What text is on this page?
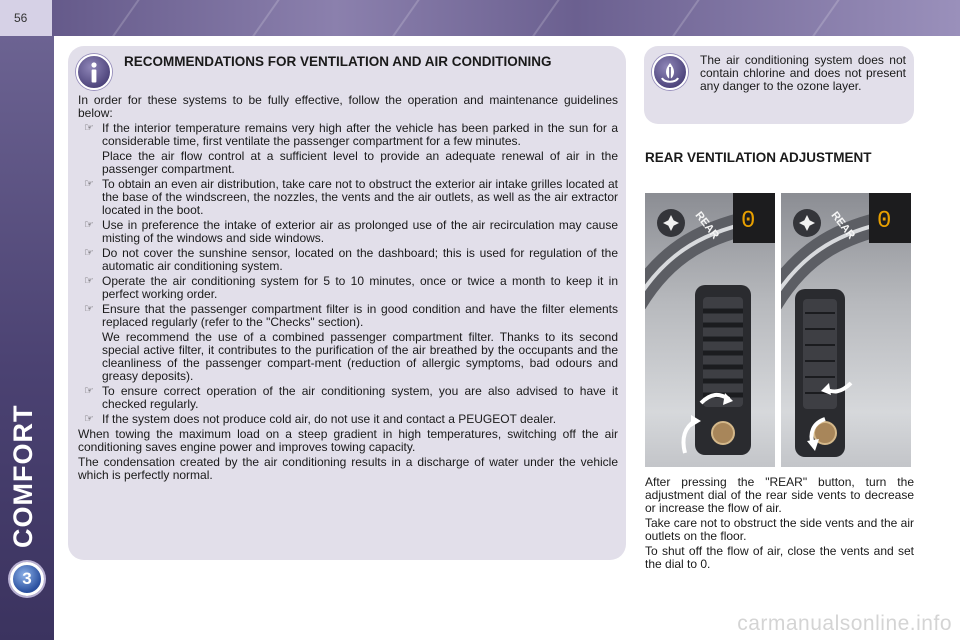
56
3
RECOMMENDATIONS FOR VENTILATION AND AIR CONDITIONING

In order for these systems to be fully effective, follow the operation and maintenance guidelines below:

☞ If the interior temperature remains very high after the vehicle has been parked in the sun for a considerable time, first ventilate the passenger compartment for a few minutes.
Place the air flow control at a sufficient level to provide an adequate renewal of air in the passenger compartment.
☞ To obtain an even air distribution, take care not to obstruct the exterior air intake grilles located at the base of the windscreen, the nozzles, the vents and the air outlets, as well as the air extractor located in the boot.
☞ Use in preference the intake of exterior air as prolonged use of the air recirculation may cause misting of the windows and side windows.
☞ Do not cover the sunshine sensor, located on the dashboard; this is used for regulation of the automatic air conditioning system.
☞ Operate the air conditioning system for 5 to 10 minutes, once or twice a month to keep it in perfect working order.
☞ Ensure that the passenger compartment filter is in good condition and have the filter elements replaced regularly (refer to the "Checks" section).
We recommend the use of a combined passenger compartment filter. Thanks to its second special active filter, it contributes to the purification of the air breathed by the occupants and the cleanliness of the passenger compart-ment (reduction of allergic symptoms, bad odours and greasy deposits).
☞ To ensure correct operation of the air conditioning system, you are also advised to have it checked regularly.
☞ If the system does not produce cold air, do not use it and contact a PEUGEOT dealer.

When towing the maximum load on a steep gradient in high temperatures, switching off the air conditioning saves engine power and improves towing capacity.

The condensation created by the air conditioning results in a discharge of water under the vehicle which is perfectly normal.

The air conditioning system does not contain chlorine and does not present any danger to the ozone layer.
REAR VENTILATION ADJUSTMENT
0
REAR	0
REAR

After pressing the "REAR" button, turn the adjustment dial of the rear side vents to decrease or increase the flow of air.

Take care not to obstruct the side vents and the air outlets on the floor.

To shut off the flow of air, close the vents and set the dial to 0.

carmanualsonline.info
